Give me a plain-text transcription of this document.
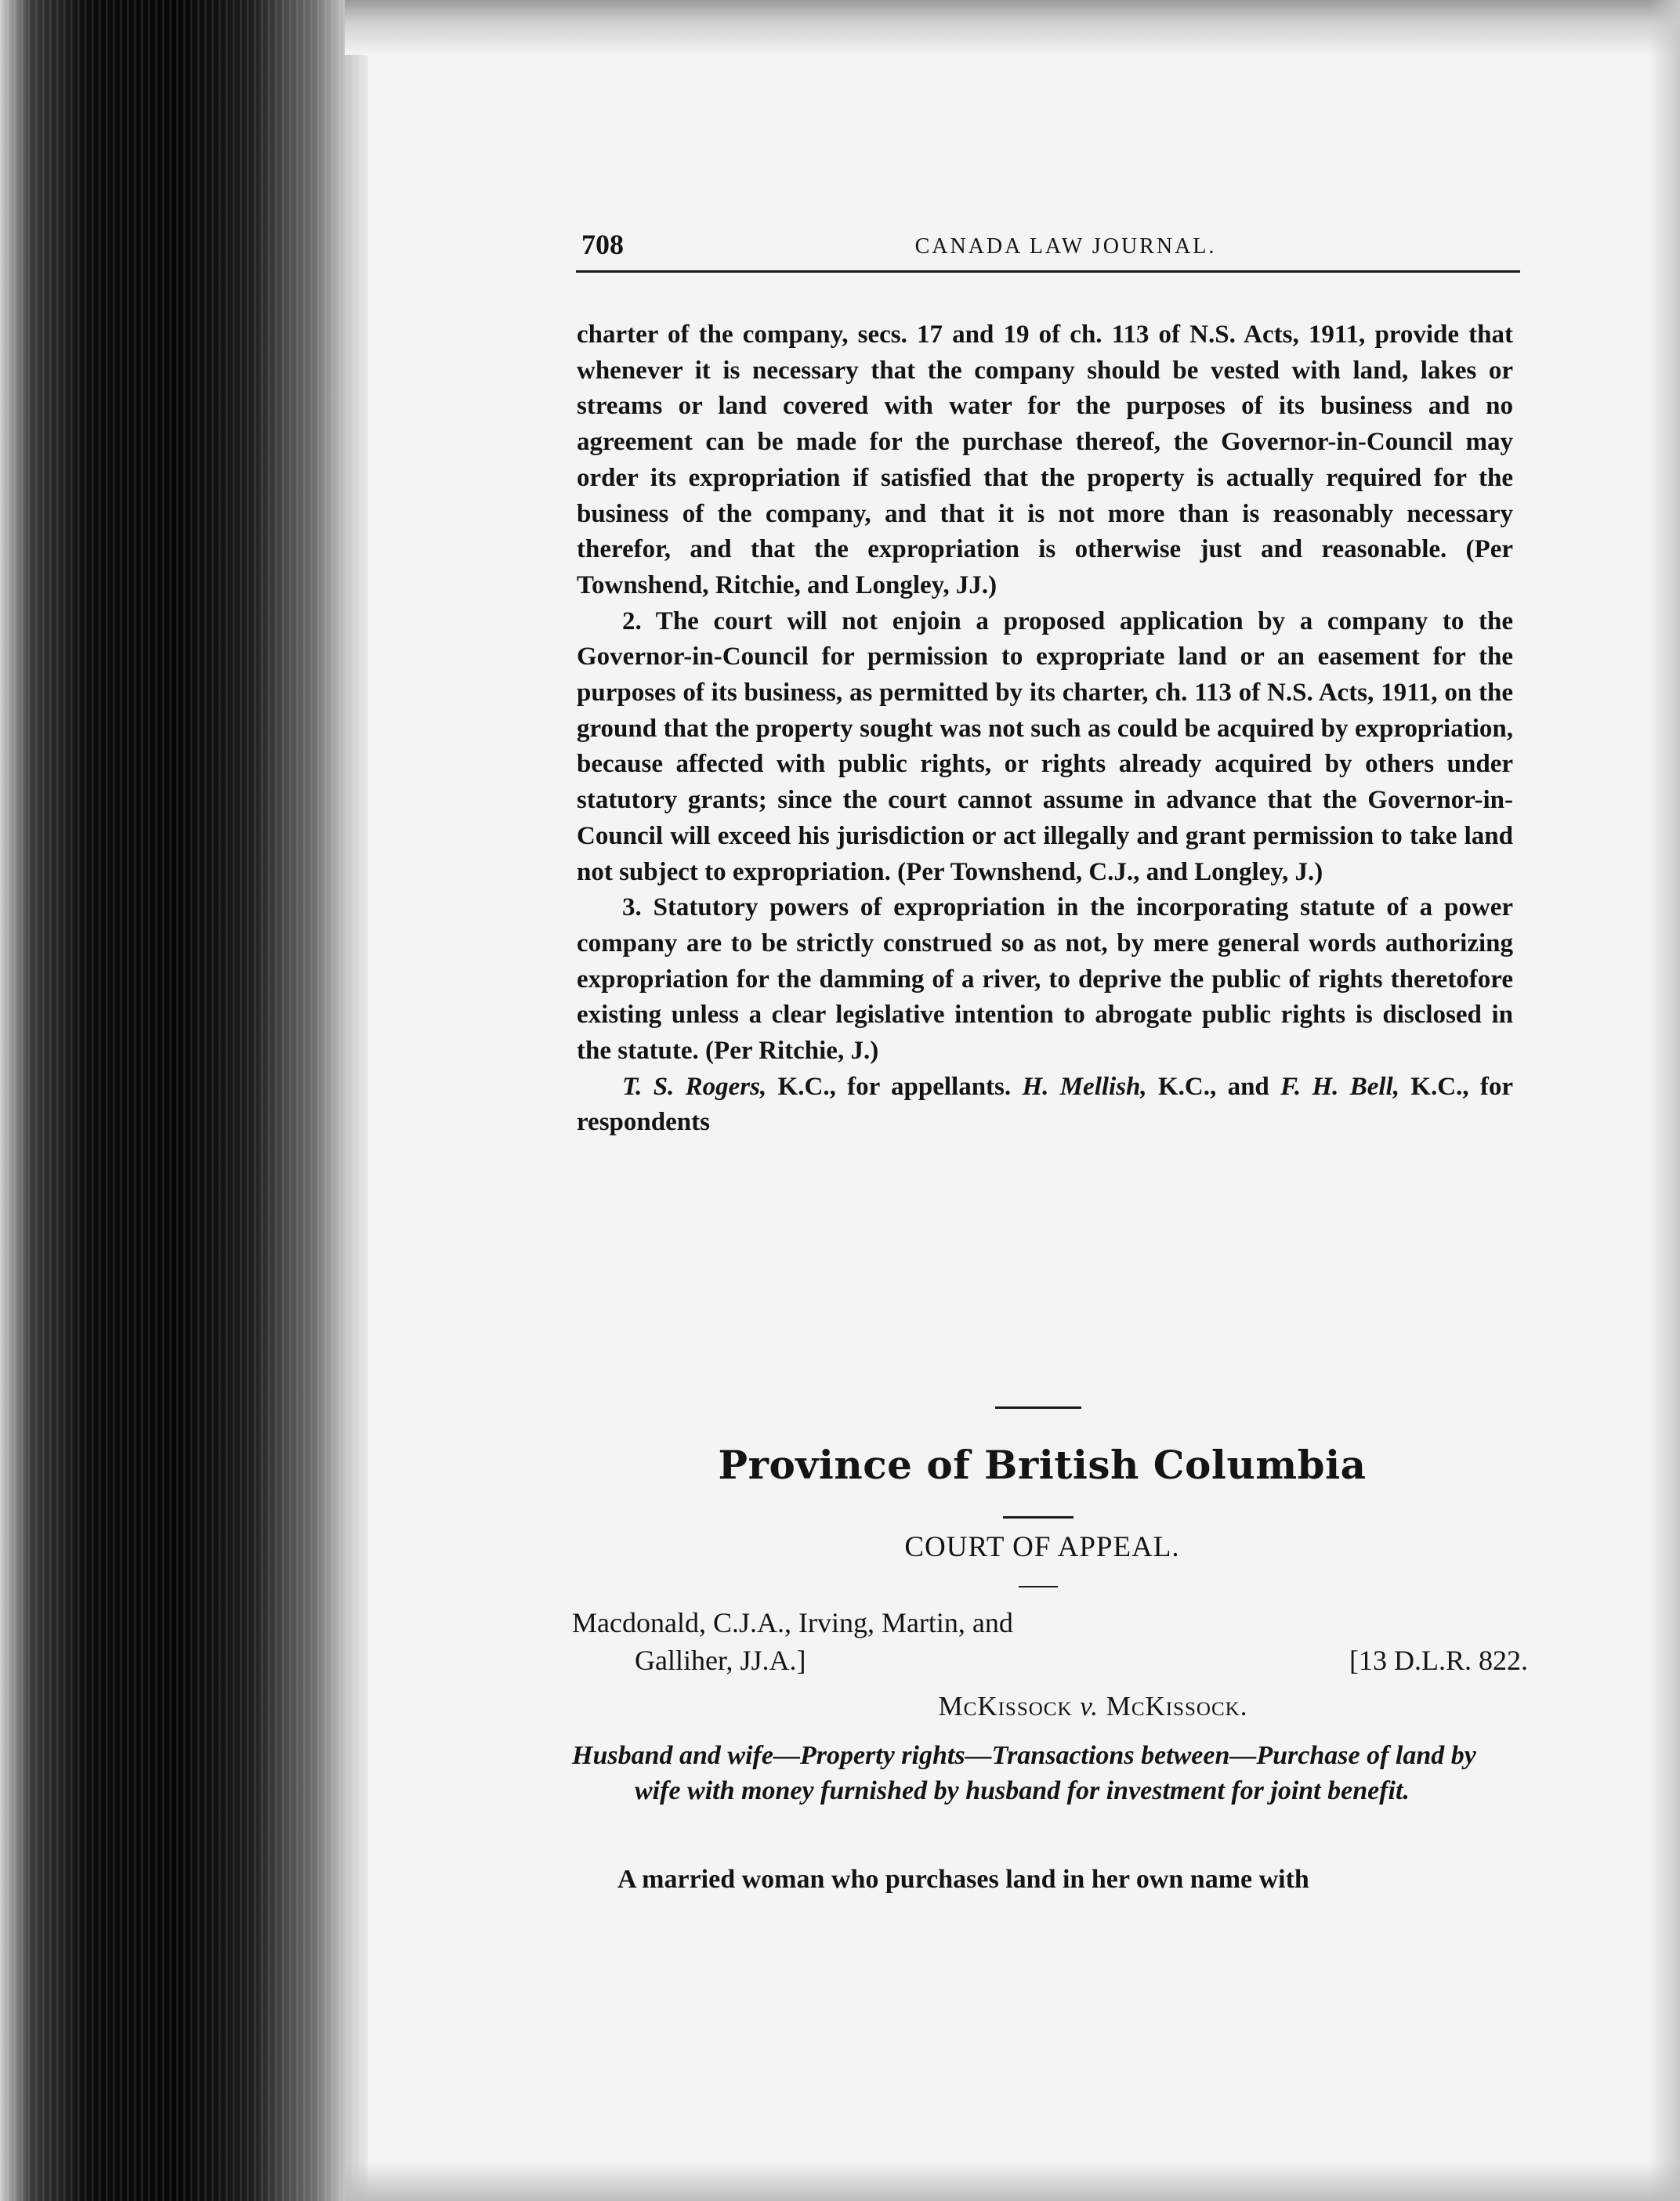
708	CANADA LAW JOURNAL.

charter of the company, secs. 17 and 19 of ch. 113 of N.S. Acts, 1911, provide that whenever it is necessary that the company should be vested with land, lakes or streams or land covered with water for the purposes of its business and no agreement can be made for the purchase thereof, the Governor-in-Council may order its expropriation if satisfied that the property is actually required for the business of the company, and that it is not more than is reasonably necessary therefor, and that the expropriation is otherwise just and reasonable. (Per Townshend, Ritchie, and Longley, JJ.)

2. The court will not enjoin a proposed application by a company to the Governor-in-Council for permission to expropriate land or an easement for the purposes of its business, as permitted by its charter, ch. 113 of N.S. Acts, 1911, on the ground that the property sought was not such as could be acquired by expropriation, because affected with public rights, or rights already acquired by others under statutory grants; since the court cannot assume in advance that the Governor-in-Council will exceed his jurisdiction or act illegally and grant permission to take land not subject to expropriation. (Per Townshend, C.J., and Longley, J.)

3. Statutory powers of expropriation in the incorporating statute of a power company are to be strictly construed so as not, by mere general words authorizing expropriation for the damming of a river, to deprive the public of rights theretofore existing unless a clear legislative intention to abrogate public rights is disclosed in the statute. (Per Ritchie, J.)

T. S. Rogers, K.C., for appellants. H. Mellish, K.C., and F. H. Bell, K.C., for respondents

Province of British Columbia
COURT OF APPEAL.
Macdonald, C.J.A., Irving, Martin, and
Galliher, JJ.A.]	[13 D.L.R. 822.
McKissock v. McKissock.
Husband and wife—Property rights—Transactions between—Purchase of land by wife with money furnished by husband for investment for joint benefit.
A married woman who purchases land in her own name with
